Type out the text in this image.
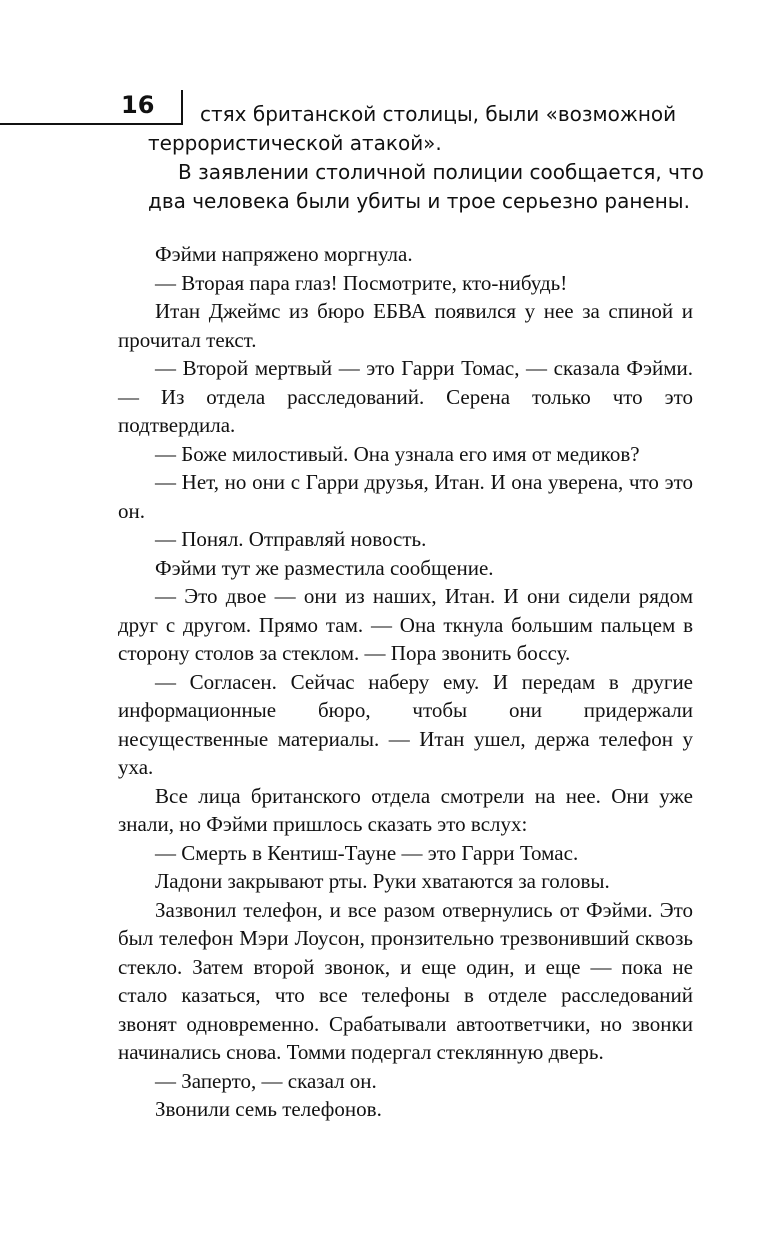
16 стях британской столицы, были «возможной
террористической атакой».
В заявлении столичной полиции сообщается, что
два человека были убиты и трое серьезно ранены.

Фэйми напряжено моргнула.

— Вторая пара глаз! Посмотрите, кто-нибудь!

Итан Джеймс из бюро ЕБВА появился у нее за спиной и прочитал текст.

— Второй мертвый — это Гарри Томас, — сказала Фэйми. — Из отдела расследований. Серена только что это подтвердила.

— Боже милостивый. Она узнала его имя от медиков?

— Нет, но они с Гарри друзья, Итан. И она уверена, что это он.

— Понял. Отправляй новость.

Фэйми тут же разместила сообщение.

— Это двое — они из наших, Итан. И они сидели рядом друг с другом. Прямо там. — Она ткнула большим пальцем в сторону столов за стеклом. — Пора звонить боссу.

— Согласен. Сейчас наберу ему. И передам в другие информационные бюро, чтобы они придержали несущественные материалы. — Итан ушел, держа телефон у уха.

Все лица британского отдела смотрели на нее. Они уже знали, но Фэйми пришлось сказать это вслух:

— Смерть в Кентиш-Тауне — это Гарри Томас.

Ладони закрывают рты. Руки хватаются за головы.

Зазвонил телефон, и все разом отвернулись от Фэйми. Это был телефон Мэри Лоусон, пронзительно трезвонивший сквозь стекло. Затем второй звонок, и еще один, и еще — пока не стало казаться, что все телефоны в отделе расследований звонят одновременно. Срабатывали автоответчики, но звонки начинались снова. Томми подергал стеклянную дверь.

— Заперто, — сказал он.

Звонили семь телефонов.
